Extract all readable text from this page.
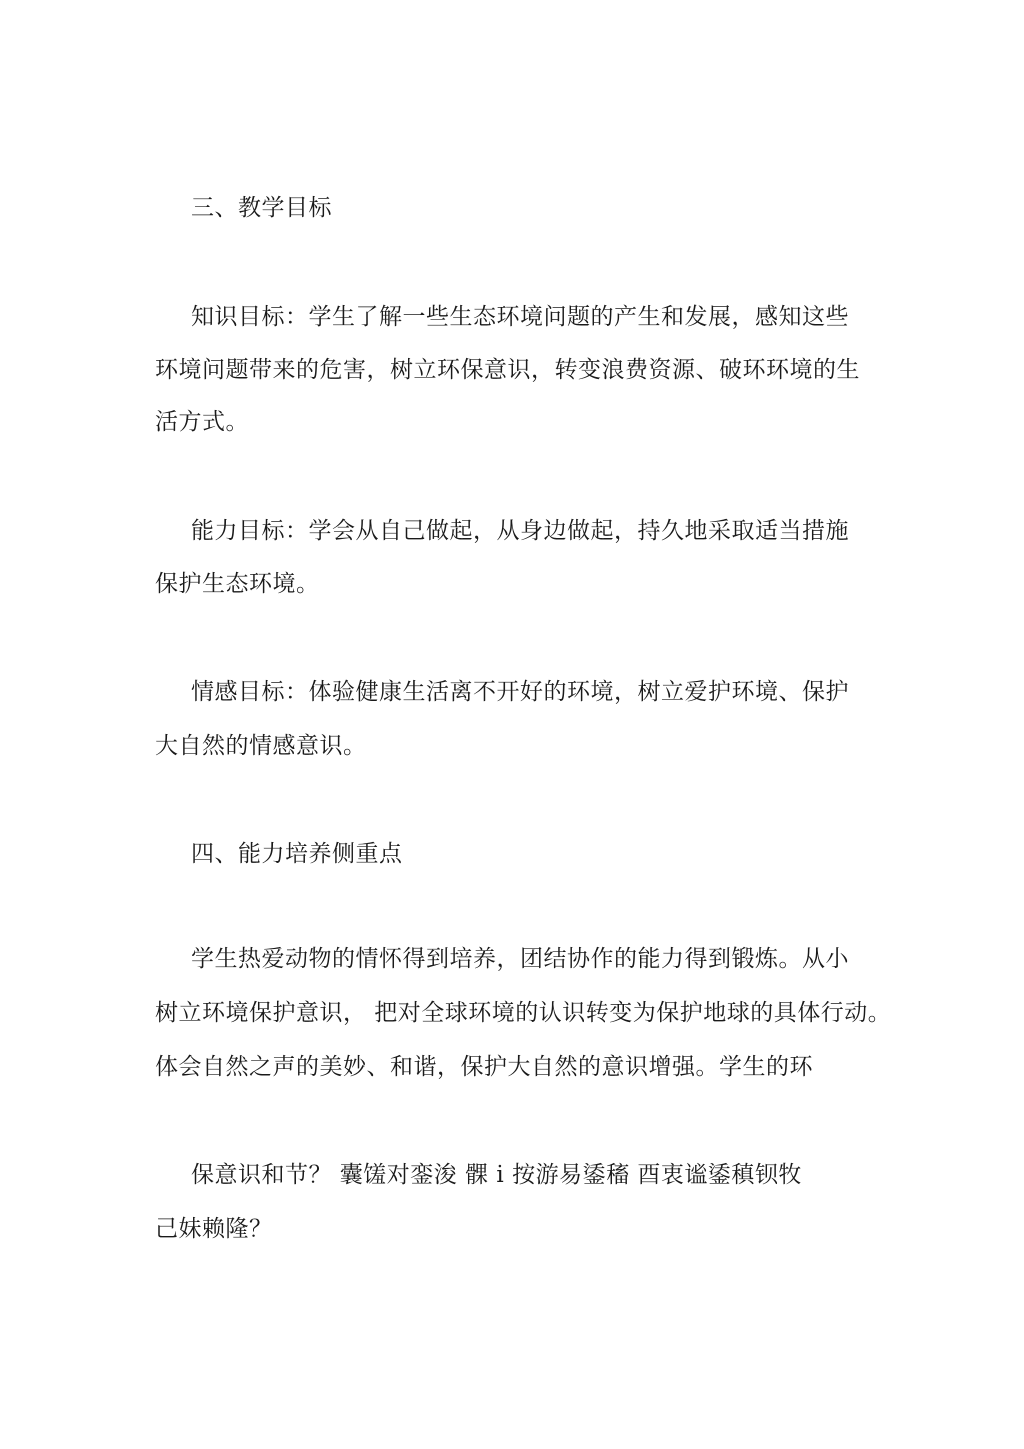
三、教学目标
知识目标：学生了解一些生态环境问题的产生和发展，感知这些
环境问题带来的危害，树立环保意识，转变浪费资源、破环环境的生
活方式。
能力目标：学会从自己做起，从身边做起，持久地采取适当措施
保护生态环境。
情感目标：体验健康生活离不开好的环境，树立爱护环境、保护
大自然的情感意识。
四、能力培养侧重点
学生热爱动物的情怀得到培养，团结协作的能力得到锻炼。从小
树立环境保护意识， 把对全球环境的认识转变为保护地球的具体行动。
体会自然之声的美妙、和谐，保护大自然的意识增强。学生的环
保意识和节？ 囊馐对銮浚 髁 i 按游易鋈稸 酉衷谧鋈稹钡牧
己妹赖隆？
